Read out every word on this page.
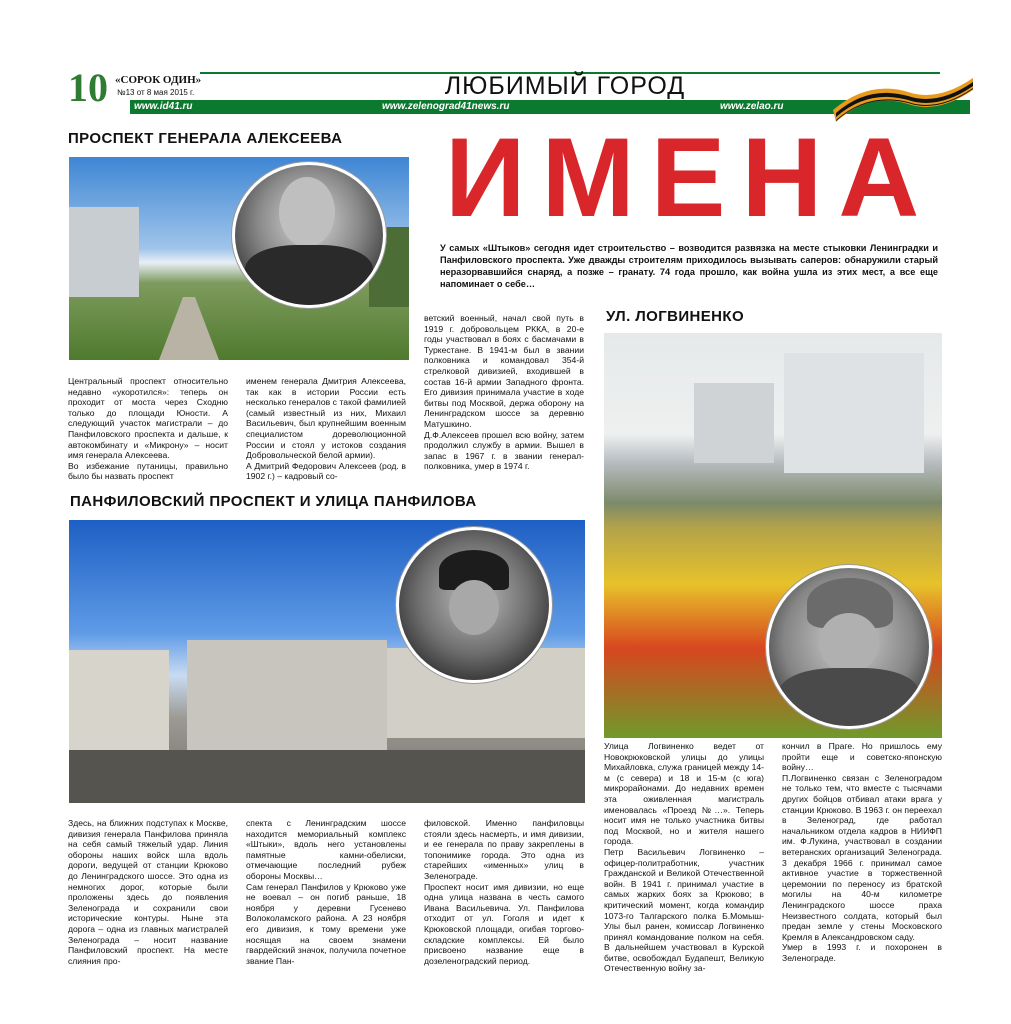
10 «СОРОК ОДИН»
№13 от 8 мая 2015 г.	ЛЮБИМЫЙ ГОРОД
www.id41.ru	www.zelenograd41news.ru	www.zelao.ru
ИМЕНА
У самых «Штыков» сегодня идет строительство – возводится развязка на месте стыковки Ленинградки и Панфиловского проспекта. Уже дважды строителям приходилось вызывать саперов: обнаружили старый неразорвавшийся снаряд, а позже – гранату. 74 года прошло, как война ушла из этих мест, а все еще напоминает о себе…
ПРОСПЕКТ ГЕНЕРАЛА АЛЕКСЕЕВА
Центральный проспект относительно недавно «укоротился»: теперь он проходит от моста через Сходню только до площади Юности. А следующий участок магистрали – до Панфиловского проспекта и дальше, к автокомбинату и «Микрону» – носит имя генерала Алексеева.
Во избежание путаницы, правильно было бы назвать проспект
именем генерала Дмитрия Алексеева, так как в истории России есть несколько генералов с такой фамилией (самый известный из них, Михаил Васильевич, был крупнейшим военным специалистом дореволюционной России и стоял у истоков создания Добровольческой белой армии).
А Дмитрий Федорович Алексеев (род. в 1902 г.) – кадровый со-
ветский военный, начал свой путь в 1919 г. добровольцем РККА, в 20-е годы участвовал в боях с басмачами в Туркестане. В 1941-м был в звании полковника и командовал 354-й стрелковой дивизией, входившей в состав 16-й армии Западного фронта. Его дивизия принимала участие в ходе битвы под Москвой, держа оборону на Ленинградском шоссе за деревню Матушкино.
Д.Ф.Алексеев прошел всю войну, затем продолжил службу в армии. Вышел в запас в 1967 г. в звании генерал-полковника, умер в 1974 г.
ПАНФИЛОВСКИЙ ПРОСПЕКТ И УЛИЦА ПАНФИЛОВА
Здесь, на ближних подступах к Москве, дивизия генерала Панфилова приняла на себя самый тяжелый удар. Линия обороны наших войск шла вдоль дороги, ведущей от станции Крюково до Ленинградского шоссе. Это одна из немногих дорог, которые были проложены здесь до появления Зеленограда и сохранили свои исторические контуры. Ныне эта дорога – одна из главных магистралей Зеленограда – носит название Панфиловский проспект. На месте слияния про-
спекта с Ленинградским шоссе находится мемориальный комплекс «Штыки», вдоль него установлены памятные камни-обелиски, отмечающие последний рубеж обороны Москвы…
Сам генерал Панфилов у Крюково уже не воевал – он погиб раньше, 18 ноября у деревни Гусенево Волоколамского района. А 23 ноября его дивизия, к тому времени уже носящая на своем знамени гвардейский значок, получила почетное звание Пан-
филовской. Именно панфиловцы стояли здесь насмерть, и имя дивизии, и ее генерала по праву закреплены в топонимике города. Это одна из старейших «именных» улиц в Зеленограде.
Проспект носит имя дивизии, но еще одна улица названа в честь самого Ивана Васильевича. Ул. Панфилова отходит от ул. Гоголя и идет к Крюковской площади, огибая торгово-складские комплексы. Ей было присвоено название еще в дозеленоградский период.
УЛ. ЛОГВИНЕНКО
Улица Логвиненко ведет от Новокрюковской улицы до улицы Михайловка, служа границей между 14-м (с севера) и 18 и 15-м (с юга) микрорайонами. До недавних времен эта оживленная магистраль именовалась «Проезд №…». Теперь носит имя не только участника битвы под Москвой, но и жителя нашего города.
Петр Васильевич Логвиненко – офицер-политработник, участник Гражданской и Великой Отечественной войн. В 1941 г. принимал участие в самых жарких боях за Крюково; в критический момент, когда командир 1073-го Талгарского полка Б.Момыш-Улы был ранен, комиссар Логвиненко принял командование полком на себя. В дальнейшем участвовал в Курской битве, освобождал Будапешт, Великую Отечественную войну за-
кончил в Праге. Но пришлось ему пройти еще и советско-японскую войну…
П.Логвиненко связан с Зеленоградом не только тем, что вместе с тысячами других бойцов отбивал атаки врага у станции Крюково. В 1963 г. он переехал в Зеленоград, где работал начальником отдела кадров в НИИФП им. Ф.Лукина, участвовал в создании ветеранских организаций Зеленограда. 3 декабря 1966 г. принимал самое активное участие в торжественной церемонии по переносу из братской могилы на 40-м километре Ленинградского шоссе праха Неизвестного солдата, который был предан земле у стены Московского Кремля в Александровском саду.
Умер в 1993 г. и похоронен в Зеленограде.
